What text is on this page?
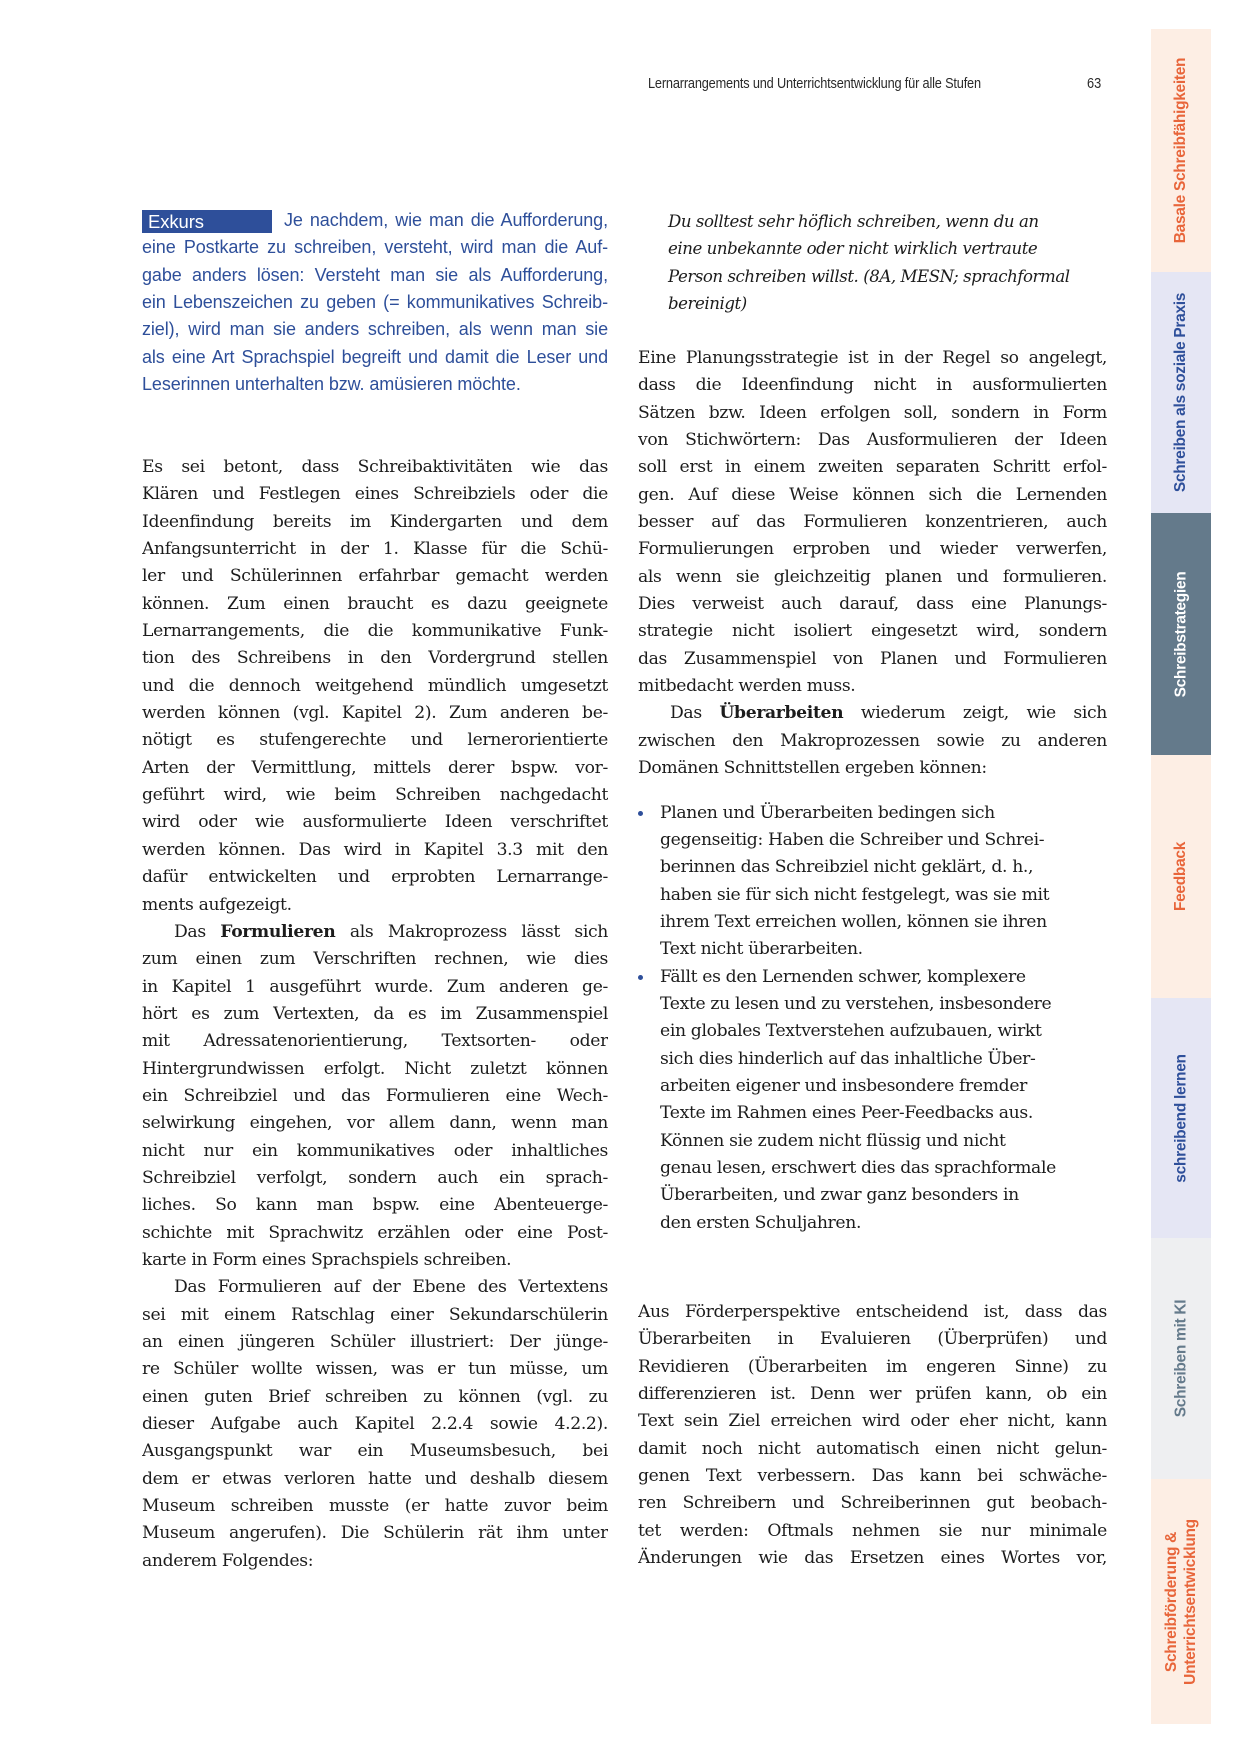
Lernarrangements und Unterrichtsentwicklung für alle Stufen	63
Exkurs	Je nachdem, wie man die Aufforderung,
eine Postkarte zu schreiben, versteht, wird man die Auf-
gabe anders lösen: Versteht man sie als Aufforderung,
ein Lebenszeichen zu geben (= kommunikatives Schreib-
ziel), wird man sie anders schreiben, als wenn man sie
als eine Art Sprachspiel begreift und damit die Leser und
Leserinnen unterhalten bzw. amüsieren möchte.
Es sei betont, dass Schreibaktivitäten wie das
Klären und Festlegen eines Schreibziels oder die
Ideenfindung bereits im Kindergarten und dem
Anfangsunterricht in der 1. Klasse für die Schü-
ler und Schülerinnen erfahrbar gemacht werden
können. Zum einen braucht es dazu geeignete
Lernarrangements, die die kommunikative Funk-
tion des Schreibens in den Vordergrund stellen
und die dennoch weitgehend mündlich umgesetzt
werden können (vgl. Kapitel 2). Zum anderen be-
nötigt es stufengerechte und lernerorientierte
Arten der Vermittlung, mittels derer bspw. vor-
geführt wird, wie beim Schreiben nachgedacht
wird oder wie ausformulierte Ideen verschriftet
werden können. Das wird in Kapitel 3.3 mit den
dafür entwickelten und erprobten Lernarrange-
ments aufgezeigt.
Das Formulieren als Makroprozess lässt sich
zum einen zum Verschriften rechnen, wie dies
in Kapitel 1 ausgeführt wurde. Zum anderen ge-
hört es zum Vertexten, da es im Zusammenspiel
mit Adressatenorientierung, Textsorten- oder
Hintergrundwissen erfolgt. Nicht zuletzt können
ein Schreibziel und das Formulieren eine Wech-
selwirkung eingehen, vor allem dann, wenn man
nicht nur ein kommunikatives oder inhaltliches
Schreibziel verfolgt, sondern auch ein sprach-
liches. So kann man bspw. eine Abenteuerge-
schichte mit Sprachwitz erzählen oder eine Post-
karte in Form eines Sprachspiels schreiben.
Das Formulieren auf der Ebene des Vertextens
sei mit einem Ratschlag einer Sekundarschülerin
an einen jüngeren Schüler illustriert: Der jünge-
re Schüler wollte wissen, was er tun müsse, um
einen guten Brief schreiben zu können (vgl. zu
dieser Aufgabe auch Kapitel 2.2.4 sowie 4.2.2).
Ausgangspunkt war ein Museumsbesuch, bei
dem er etwas verloren hatte und deshalb diesem
Museum schreiben musste (er hatte zuvor beim
Museum angerufen). Die Schülerin rät ihm unter
anderem Folgendes:
Du solltest sehr höflich schreiben, wenn du an
eine unbekannte oder nicht wirklich vertraute
Person schreiben willst. (8A, MESN; sprachformal
bereinigt)
Eine Planungsstrategie ist in der Regel so angelegt,
dass die Ideenfindung nicht in ausformulierten
Sätzen bzw. Ideen erfolgen soll, sondern in Form
von Stichwörtern: Das Ausformulieren der Ideen
soll erst in einem zweiten separaten Schritt erfol-
gen. Auf diese Weise können sich die Lernenden
besser auf das Formulieren konzentrieren, auch
Formulierungen erproben und wieder verwerfen,
als wenn sie gleichzeitig planen und formulieren.
Dies verweist auch darauf, dass eine Planungs-
strategie nicht isoliert eingesetzt wird, sondern
das Zusammenspiel von Planen und Formulieren
mitbedacht werden muss.
Das Überarbeiten wiederum zeigt, wie sich
zwischen den Makroprozessen sowie zu anderen
Domänen Schnittstellen ergeben können:
Planen und Überarbeiten bedingen sich
gegenseitig: Haben die Schreiber und Schrei-
berinnen das Schreibziel nicht geklärt, d. h.,
haben sie für sich nicht festgelegt, was sie mit
ihrem Text erreichen wollen, können sie ihren
Text nicht überarbeiten.
Fällt es den Lernenden schwer, komplexere
Texte zu lesen und zu verstehen, insbesondere
ein globales Textverstehen aufzubauen, wirkt
sich dies hinderlich auf das inhaltliche Über-
arbeiten eigener und insbesondere fremder
Texte im Rahmen eines Peer-Feedbacks aus.
Können sie zudem nicht flüssig und nicht
genau lesen, erschwert dies das sprachformale
Überarbeiten, und zwar ganz besonders in
den ersten Schuljahren.
Aus Förderperspektive entscheidend ist, dass das
Überarbeiten in Evaluieren (Überprüfen) und
Revidieren (Überarbeiten im engeren Sinne) zu
differenzieren ist. Denn wer prüfen kann, ob ein
Text sein Ziel erreichen wird oder eher nicht, kann
damit noch nicht automatisch einen nicht gelun-
genen Text verbessern. Das kann bei schwäche-
ren Schreibern und Schreiberinnen gut beobach-
tet werden: Oftmals nehmen sie nur minimale
Änderungen wie das Ersetzen eines Wortes vor,
Basale Schreibfähigkeiten
Schreiben als soziale Praxis
Schreibstrategien
Feedback
schreibend lernen
Schreiben mit KI
Schreibförderung & Unterrichtsentwicklung
